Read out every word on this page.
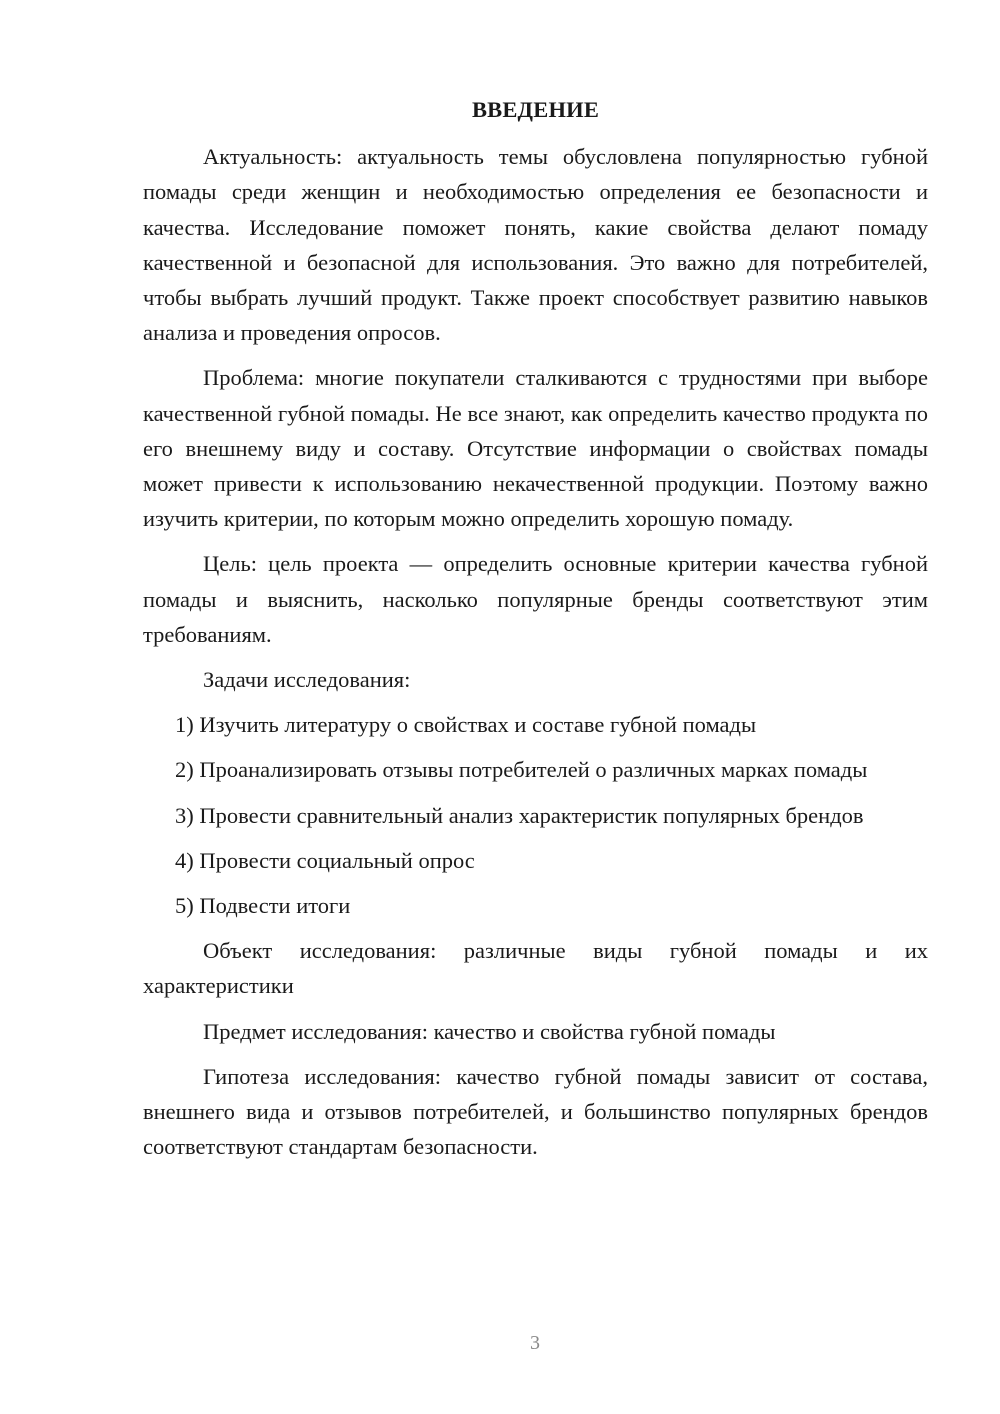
ВВЕДЕНИЕ

Актуальность: актуальность темы обусловлена популярностью губной помады среди женщин и необходимостью определения ее безопасности и качества. Исследование поможет понять, какие свойства делают помаду качественной и безопасной для использования. Это важно для потребителей, чтобы выбрать лучший продукт. Также проект способствует развитию навыков анализа и проведения опросов.

Проблема: многие покупатели сталкиваются с трудностями при выборе качественной губной помады. Не все знают, как определить качество продукта по его внешнему виду и составу. Отсутствие информации о свойствах помады может привести к использованию некачественной продукции. Поэтому важно изучить критерии, по которым можно определить хорошую помаду.

Цель: цель проекта — определить основные критерии качества губной помады и выяснить, насколько популярные бренды соответствуют этим требованиям.

Задачи исследования:

1) Изучить литературу о свойствах и составе губной помады

2) Проанализировать отзывы потребителей о различных марках помады

3) Провести сравнительный анализ характеристик популярных брендов

4) Провести социальный опрос

5) Подвести итоги

Объект исследования: различные виды губной помады и их характеристики

Предмет исследования: качество и свойства губной помады

Гипотеза исследования: качество губной помады зависит от состава, внешнего вида и отзывов потребителей, и большинство популярных брендов соответствуют стандартам безопасности.

3
